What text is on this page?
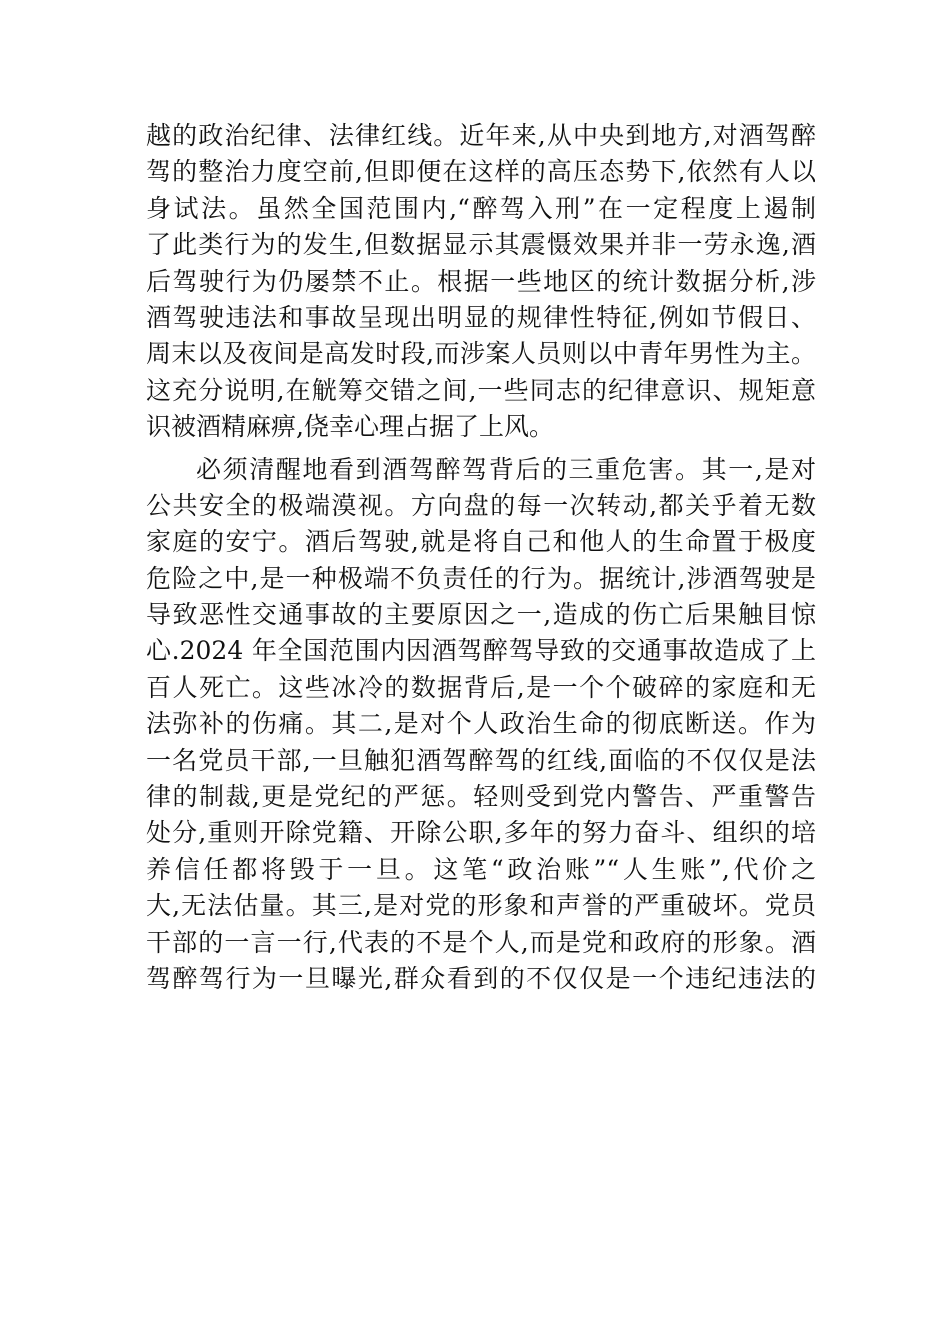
越的政治纪律、法律红线。近年来,从中央到地方,对酒驾醉
驾的整治力度空前,但即便在这样的高压态势下,依然有人以
身试法。虽然全国范围内,“醉驾入刑”在一定程度上遏制
了此类行为的发生,但数据显示其震慑效果并非一劳永逸,酒
后驾驶行为仍屡禁不止。根据一些地区的统计数据分析,涉
酒驾驶违法和事故呈现出明显的规律性特征,例如节假日、
周末以及夜间是高发时段,而涉案人员则以中青年男性为主。
这充分说明,在觥筹交错之间,一些同志的纪律意识、规矩意
识被酒精麻痹,侥幸心理占据了上风。
必须清醒地看到酒驾醉驾背后的三重危害。其一,是对
公共安全的极端漠视。方向盘的每一次转动,都关乎着无数
家庭的安宁。酒后驾驶,就是将自己和他人的生命置于极度
危险之中,是一种极端不负责任的行为。据统计,涉酒驾驶是
导致恶性交通事故的主要原因之一,造成的伤亡后果触目惊
心.2024 年全国范围内因酒驾醉驾导致的交通事故造成了上
百人死亡。这些冰冷的数据背后,是一个个破碎的家庭和无
法弥补的伤痛。其二,是对个人政治生命的彻底断送。作为
一名党员干部,一旦触犯酒驾醉驾的红线,面临的不仅仅是法
律的制裁,更是党纪的严惩。轻则受到党内警告、严重警告
处分,重则开除党籍、开除公职,多年的努力奋斗、组织的培
养信任都将毁于一旦。这笔“政治账”“人生账”,代价之
大,无法估量。其三,是对党的形象和声誉的严重破坏。党员
干部的一言一行,代表的不是个人,而是党和政府的形象。酒
驾醉驾行为一旦曝光,群众看到的不仅仅是一个违纪违法的
